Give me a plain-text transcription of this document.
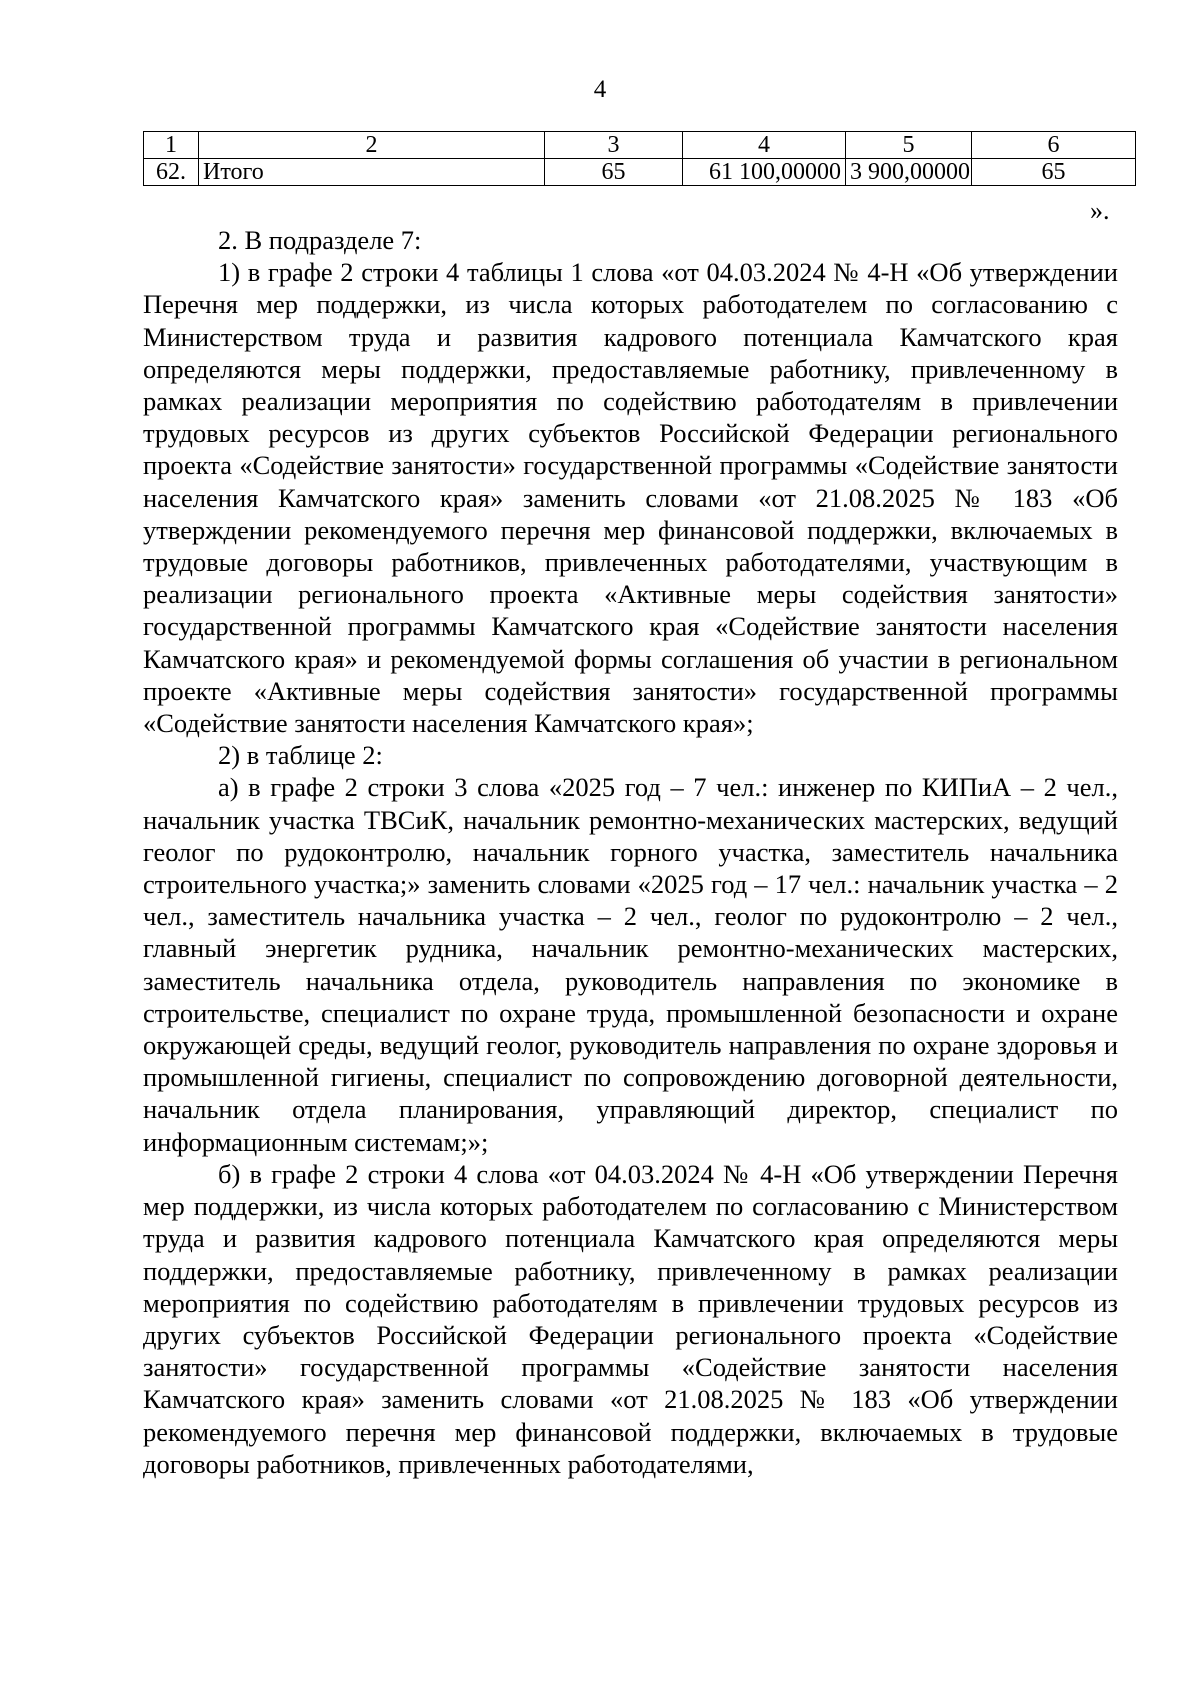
4
1	2	3	4	5	6
62.	Итого	65	61 100,00000	3 900,00000	65
».

2. В подразделе 7:

1) в графе 2 строки 4 таблицы 1 слова «от 04.03.2024 № 4-Н «Об утверждении Перечня мер поддержки, из числа которых работодателем по согласованию с Министерством труда и развития кадрового потенциала Камчатского края определяются меры поддержки, предоставляемые работнику, привлеченному в рамках реализации мероприятия по содействию работодателям в привлечении трудовых ресурсов из других субъектов Российской Федерации регионального проекта «Содействие занятости» государственной программы «Содействие занятости населения Камчатского края» заменить словами «от 21.08.2025 № 183 «Об утверждении рекомендуемого перечня мер финансовой поддержки, включаемых в трудовые договоры работников, привлеченных работодателями, участвующим в реализации регионального проекта «Активные меры содействия занятости» государственной программы Камчатского края «Содействие занятости населения Камчатского края» и рекомендуемой формы соглашения об участии в региональном проекте «Активные меры содействия занятости» государственной программы «Содействие занятости населения Камчатского края»;

2) в таблице 2:

а) в графе 2 строки 3 слова «2025 год – 7 чел.: инженер по КИПиА – 2 чел., начальник участка ТВСиК, начальник ремонтно-механических мастерских, ведущий геолог по рудоконтролю, начальник горного участка, заместитель начальника строительного участка;» заменить словами «2025 год – 17 чел.: начальник участка – 2 чел., заместитель начальника участка – 2 чел., геолог по рудоконтролю – 2 чел., главный энергетик рудника, начальник ремонтно-механических мастерских, заместитель начальника отдела, руководитель направления по экономике в строительстве, специалист по охране труда, промышленной безопасности и охране окружающей среды, ведущий геолог, руководитель направления по охране здоровья и промышленной гигиены, специалист по сопровождению договорной деятельности, начальник отдела планирования, управляющий директор, специалист по информационным системам;»;

б) в графе 2 строки 4 слова «от 04.03.2024 № 4-Н «Об утверждении Перечня мер поддержки, из числа которых работодателем по согласованию с Министерством труда и развития кадрового потенциала Камчатского края определяются меры поддержки, предоставляемые работнику, привлеченному в рамках реализации мероприятия по содействию работодателям в привлечении трудовых ресурсов из других субъектов Российской Федерации регионального проекта «Содействие занятости» государственной программы «Содействие занятости населения Камчатского края» заменить словами «от 21.08.2025 № 183 «Об утверждении рекомендуемого перечня мер финансовой поддержки, включаемых в трудовые договоры работников, привлеченных работодателями,
